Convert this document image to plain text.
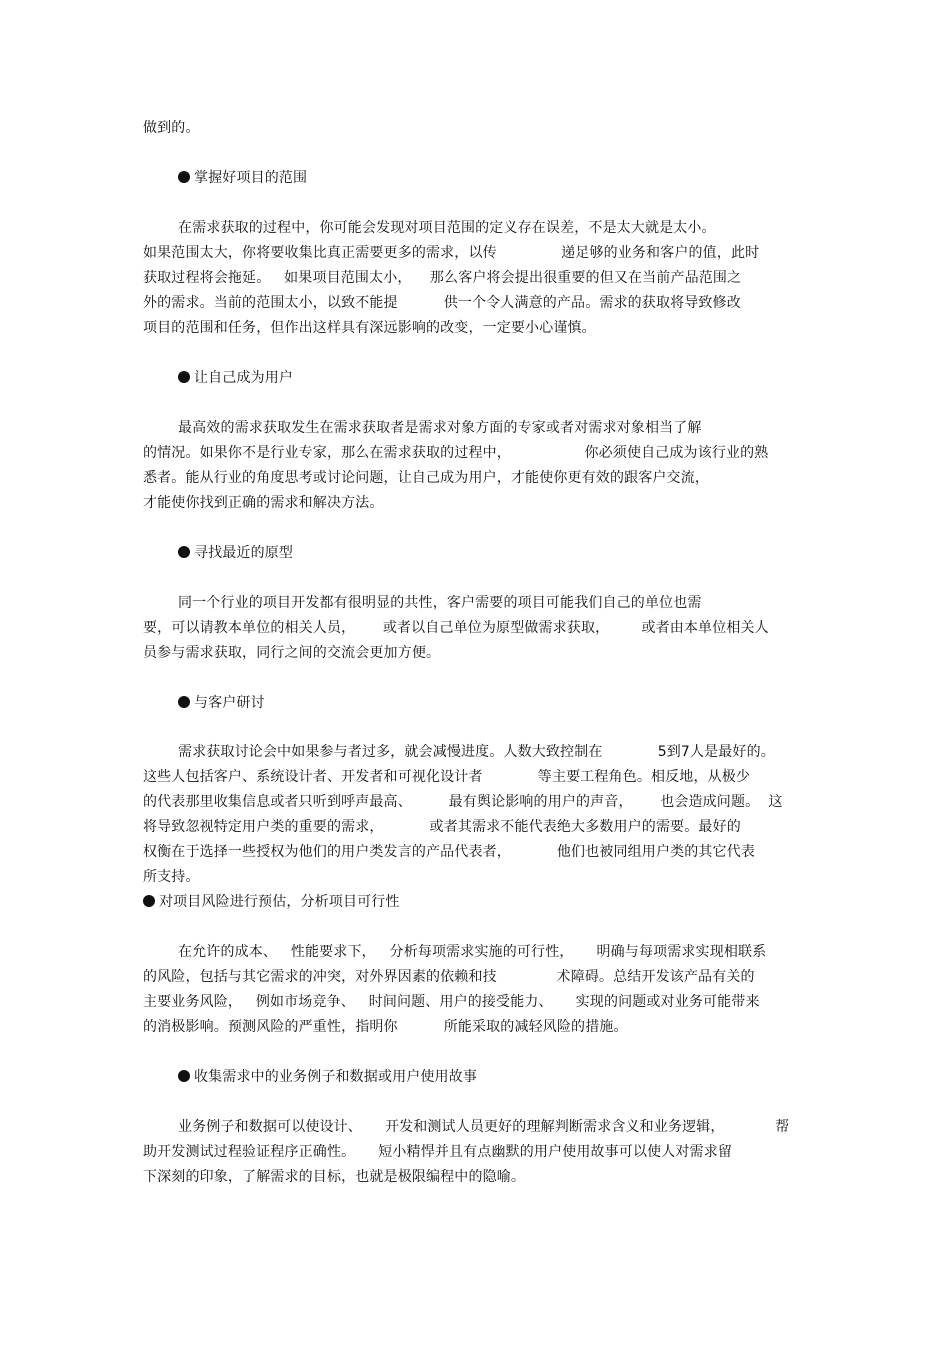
做到的。
掌握好项目的范围
在需求获取的过程中，你可能会发现对项目范围的定义存在误差，不是太大就是太小。
如果范围太大，你将要收集比真正需要更多的需求，以传              递足够的业务和客户的值，此时
获取过程将会拖延。   如果项目范围太小，    那么客户将会提出很重要的但又在当前产品范围之
外的需求。当前的范围太小，以致不能提          供一个令人满意的产品。需求的获取将导致修改
项目的范围和任务，但作出这样具有深远影响的改变，一定要小心谨慎。
让自己成为用户
最高效的需求获取发生在需求获取者是需求对象方面的专家或者对需求对象相当了解
的情况。如果你不是行业专家，那么在需求获取的过程中，                你必须使自己成为该行业的熟
悉者。能从行业的角度思考或讨论问题，让自己成为用户，才能使你更有效的跟客户交流，
才能使你找到正确的需求和解决方法。
寻找最近的原型
同一个行业的项目开发都有很明显的共性，客户需要的项目可能我们自己的单位也需
要，可以请教本单位的相关人员，      或者以自己单位为原型做需求获取，       或者由本单位相关人
员参与需求获取，同行之间的交流会更加方便。
与客户研讨
需求获取讨论会中如果参与者过多，就会减慢进度。人数大致控制在            5到7人是最好的。
这些人包括客户、系统设计者、开发者和可视化设计者            等主要工程角色。相反地，从极少
的代表那里收集信息或者只听到呼声最高、        最有舆论影响的用户的声音，      也会造成问题。  这
将导致忽视特定用户类的重要的需求，          或者其需求不能代表绝大多数用户的需要。最好的
权衡在于选择一些授权为他们的用户类发言的产品代表者，          他们也被同组用户类的其它代表
所支持。
对项目风险进行预估，分析项目可行性
在允许的成本、   性能要求下，   分析每项需求实施的可行性，     明确与每项需求实现相联系
的风险，包括与其它需求的冲突，对外界因素的依赖和技             术障碍。总结开发该产品有关的
主要业务风险，   例如市场竞争、   时间问题、用户的接受能力、     实现的问题或对业务可能带来
的消极影响。预测风险的严重性，指明你          所能采取的减轻风险的措施。
收集需求中的业务例子和数据或用户使用故事
业务例子和数据可以使设计、     开发和测试人员更好的理解判断需求含义和业务逻辑，           帮
助开发测试过程验证程序正确性。     短小精悍并且有点幽默的用户使用故事可以使人对需求留
下深刻的印象，了解需求的目标，也就是极限编程中的隐喻。
